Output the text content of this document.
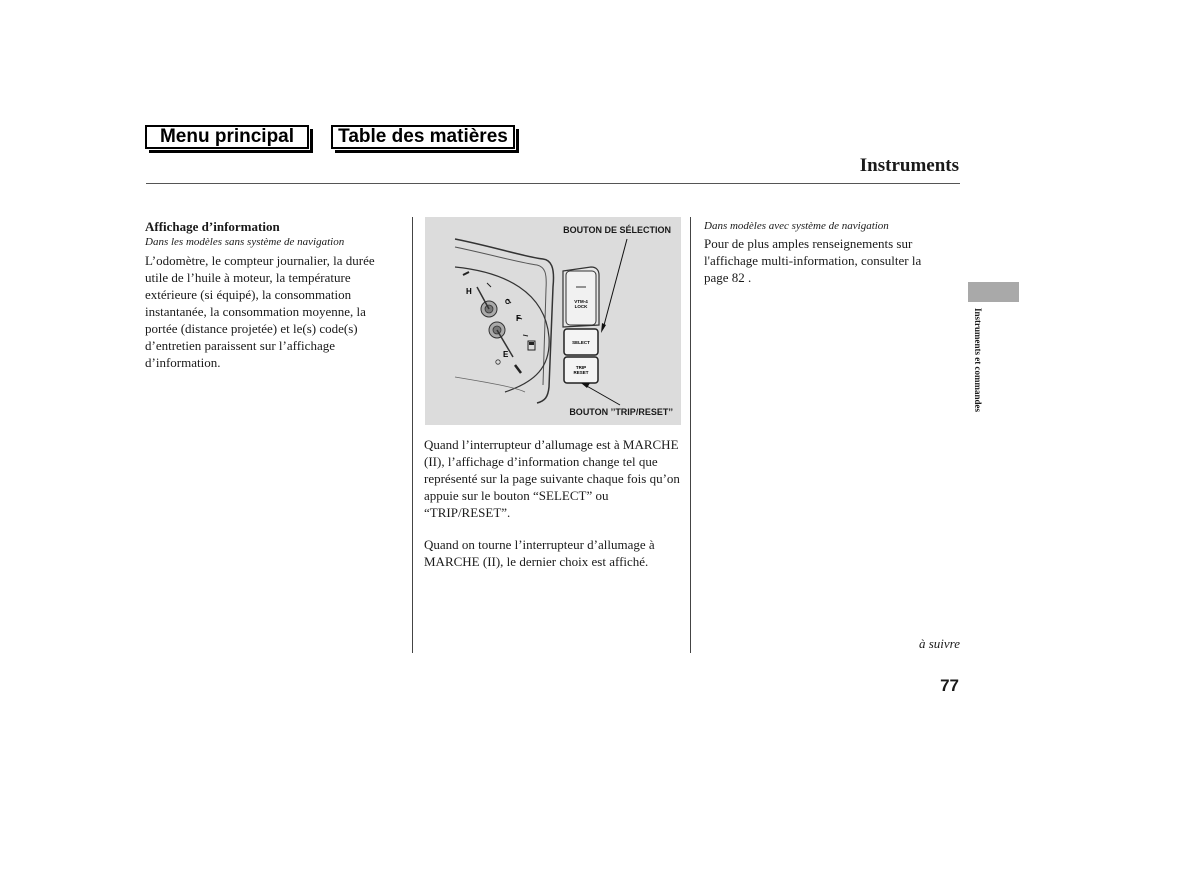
Menu principal	Table des matières
Instruments
Affichage d’information
Dans les modèles sans système de navigation
L’odomètre, le compteur journalier, la durée utile de l’huile à moteur, la température extérieure (si équipé), la consommation instantanée, la consommation moyenne, la portée (distance projetée) et le(s) code(s) d’entretien paraissent sur l’affichage d’information.
H
C
F
E
VTM-4
LOCK
SELECT
TRIP
RESET
BOUTON DE SÉLECTION
BOUTON ’’TRIP/RESET’’
Quand l’interrupteur d’allumage est à MARCHE (II), l’affichage d’information change tel que représenté sur la page suivante chaque fois qu’on appuie sur le bouton “SELECT” ou “TRIP/RESET”.
Quand on tourne l’interrupteur d’allumage à MARCHE (II), le dernier choix est affiché.
Dans modèles avec système de navigation
Pour de plus amples renseignements sur l'affichage multi-information, consulter la page 82 .
Instruments et commandes
à suivre
77
